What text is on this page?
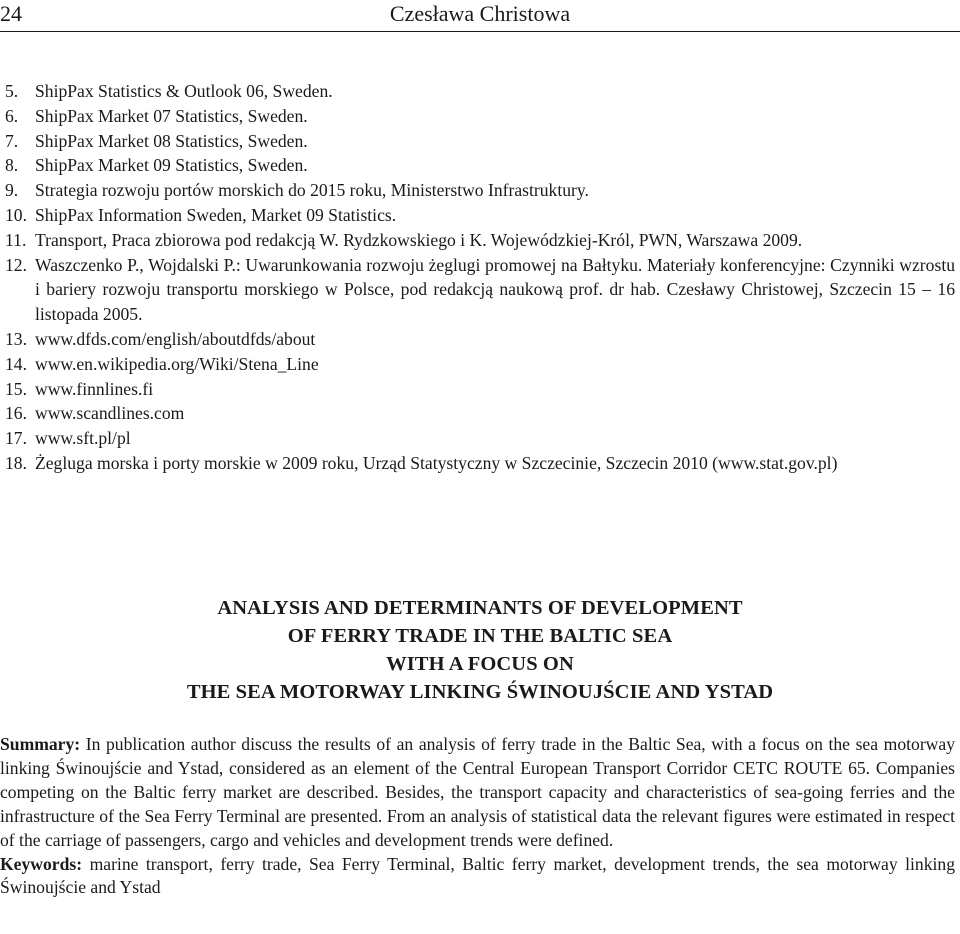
24	Czesława Christowa
5. ShipPax Statistics & Outlook 06, Sweden.
6. ShipPax Market 07 Statistics, Sweden.
7. ShipPax Market 08 Statistics, Sweden.
8. ShipPax Market 09 Statistics, Sweden.
9. Strategia rozwoju portów morskich do 2015 roku, Ministerstwo Infrastruktury.
10. ShipPax Information Sweden, Market 09 Statistics.
11. Transport, Praca zbiorowa pod redakcją W. Rydzkowskiego i K. Wojewódzkiej-Król, PWN, Warszawa 2009.
12. Waszczenko P., Wojdalski P.: Uwarunkowania rozwoju żeglugi promowej na Bałtyku. Materiały konferencyjne: Czynniki wzrostu i bariery rozwoju transportu morskiego w Polsce, pod redakcją naukową prof. dr hab. Czesławy Christowej, Szczecin 15 – 16 listopada 2005.
13. www.dfds.com/english/aboutdfds/about
14. www.en.wikipedia.org/Wiki/Stena_Line
15. www.finnlines.fi
16. www.scandlines.com
17. www.sft.pl/pl
18. Żegluga morska i porty morskie w 2009 roku, Urząd Statystyczny w Szczecinie, Szczecin 2010 (www.stat.gov.pl)
ANALYSIS AND DETERMINANTS OF DEVELOPMENT
OF FERRY TRADE IN THE BALTIC SEA
WITH A FOCUS ON
THE SEA MOTORWAY LINKING ŚWINOUJŚCIE AND YSTAD

Summary: In publication author discuss the results of an analysis of ferry trade in the Baltic Sea, with a focus on the sea motorway linking Świnoujście and Ystad, considered as an element of the Central European Transport Corridor CETC ROUTE 65. Companies competing on the Baltic ferry market are described. Besides, the transport capacity and characteristics of sea-going ferries and the infrastructure of the Sea Ferry Terminal are presented. From an analysis of statistical data the relevant figures were estimated in respect of the carriage of passengers, cargo and vehicles and development trends were defined.

Keywords: marine transport, ferry trade, Sea Ferry Terminal, Baltic ferry market, development trends, the sea motorway linking Świnoujście and Ystad
